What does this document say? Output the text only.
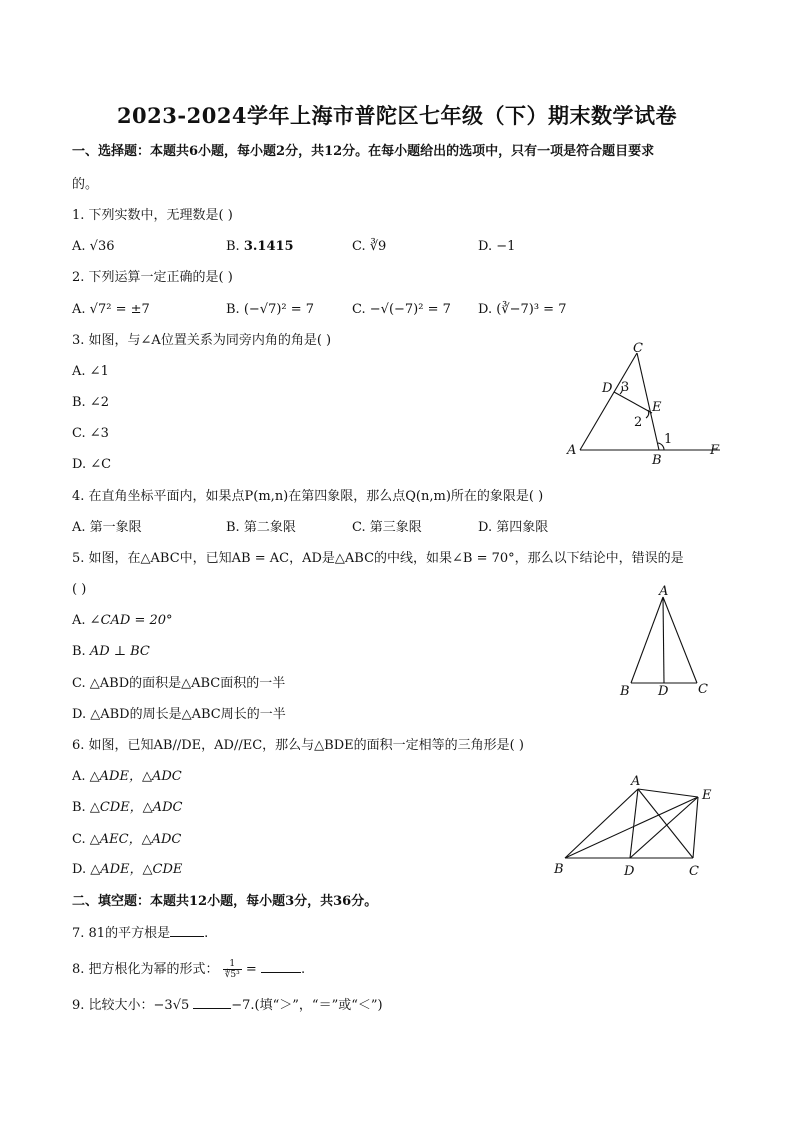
2023-2024学年上海市普陀区七年级（下）期末数学试卷
一、选择题：本题共6小题，每小题2分，共12分。在每小题给出的选项中，只有一项是符合题目要求
的。
1. 下列实数中，无理数是( )
A. √36	B. 3.1415	C. ∛9	D. −1
2. 下列运算一定正确的是( )
A. √7² = ±7	B. (−√7)² = 7	C. −√(−7)² = 7 D. (∛−7)³ = 7
3. 如图，与∠A位置关系为同旁内角的角是( )
A. ∠1
B. ∠2
C. ∠3
D. ∠C
C
D 3
E
2
1
A
B
F
4. 在直角坐标平面内，如果点P(m,n)在第四象限，那么点Q(n,m)所在的象限是( )
A. 第一象限	B. 第二象限	C. 第三象限	D. 第四象限
5. 如图，在△ABC中，已知AB = AC，AD是△ABC的中线，如果∠B = 70°，那么以下结论中，错误的是
( )
A. ∠CAD = 20°
B. AD ⊥ BC
C. △ABD的面积是△ABC面积的一半
D. △ABD的周长是△ABC周长的一半
A
B D C
6. 如图，已知AB//DE，AD//EC，那么与△BDE的面积一定相等的三角形是( )
A. △ADE，△ADC
B. △CDE，△ADC
C. △AEC，△ADC
D. △ADE，△CDE
A
E
B	D	C
二、填空题：本题共12小题，每小题3分，共36分。
7. 81的平方根是	.
8. 把方根化为幂的形式： $\frac{1}{\text{∜5³}}$ =	.
9. 比较大小：−3√5	−7.(填“＞”，“＝”或“＜”)
